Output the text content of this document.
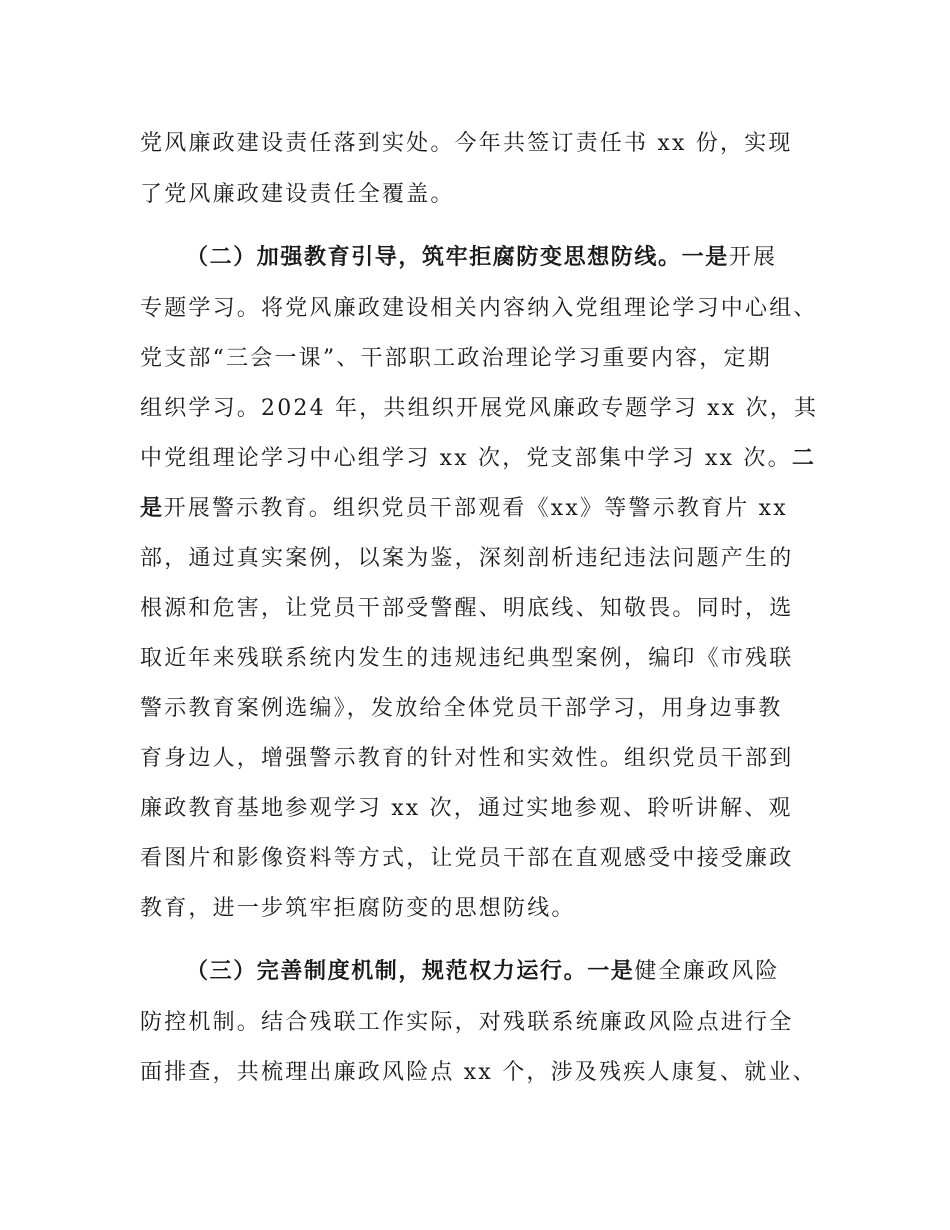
党风廉政建设责任落到实处。今年共签订责任书 xx 份，实现
了党风廉政建设责任全覆盖。
（二）加强教育引导，筑牢拒腐防变思想防线。一是开展
专题学习。将党风廉政建设相关内容纳入党组理论学习中心组、
党支部“三会一课”、干部职工政治理论学习重要内容，定期
组织学习。2024 年，共组织开展党风廉政专题学习 xx 次，其
中党组理论学习中心组学习 xx 次，党支部集中学习 xx 次。二
是开展警示教育。组织党员干部观看《xx》等警示教育片 xx
部，通过真实案例，以案为鉴，深刻剖析违纪违法问题产生的
根源和危害，让党员干部受警醒、明底线、知敬畏。同时，选
取近年来残联系统内发生的违规违纪典型案例，编印《市残联
警示教育案例选编》，发放给全体党员干部学习，用身边事教
育身边人，增强警示教育的针对性和实效性。组织党员干部到
廉政教育基地参观学习 xx 次，通过实地参观、聆听讲解、观
看图片和影像资料等方式，让党员干部在直观感受中接受廉政
教育，进一步筑牢拒腐防变的思想防线。
（三）完善制度机制，规范权力运行。一是健全廉政风险
防控机制。结合残联工作实际，对残联系统廉政风险点进行全
面排查，共梳理出廉政风险点 xx 个，涉及残疾人康复、就业、
